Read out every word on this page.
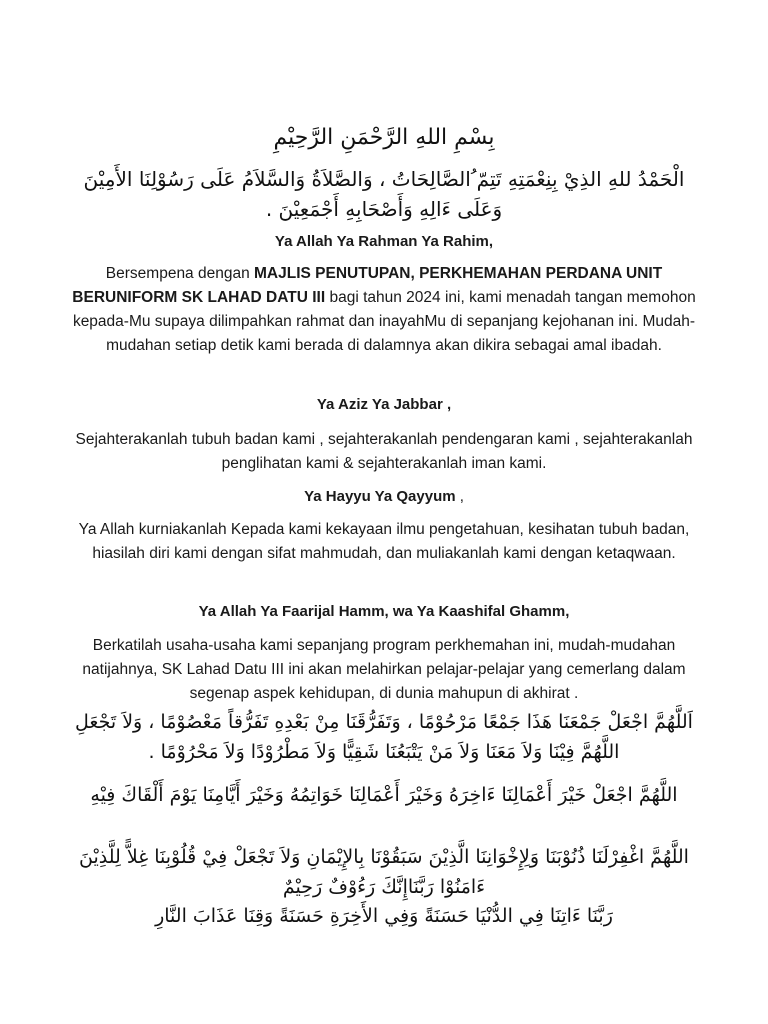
بِسْمِ اللهِ الرَّحْمَنِ الرَّحِيْمِ
الْحَمْدُ للهِ الذِيْ بِنِعْمَتِهِ تَتِمّ ُالصَّالِحَاتُ ، وَالصَّلاَةُ وَالسَّلاَمُ عَلَى رَسُوْلِنَا الأَمِيْنَ وَعَلَى ءَالِهِ وَأَصْحَابِهِ أَجْمَعِيْنَ .
Ya Allah Ya Rahman Ya Rahim,
Bersempena dengan MAJLIS PENUTUPAN, PERKHEMAHAN PERDANA UNIT BERUNIFORM SK LAHAD DATU III bagi tahun 2024 ini, kami menadah tangan memohon kepada-Mu supaya dilimpahkan rahmat dan inayahMu di sepanjang kejohanan ini. Mudah-mudahan setiap detik kami berada di dalamnya akan dikira sebagai amal ibadah.
Ya Aziz Ya Jabbar ,
Sejahterakanlah tubuh badan kami , sejahterakanlah pendengaran kami , sejahterakanlah penglihatan kami & sejahterakanlah iman kami.
Ya Hayyu Ya Qayyum ,
Ya Allah kurniakanlah Kepada kami kekayaan ilmu pengetahuan, kesihatan tubuh badan, hiasilah diri kami dengan sifat mahmudah, dan muliakanlah kami dengan ketaqwaan.
Ya Allah Ya Faarijal Hamm, wa Ya Kaashifal Ghamm,
Berkatilah usaha-usaha kami sepanjang program perkhemahan ini, mudah-mudahan natijahnya, SK Lahad Datu III ini akan melahirkan pelajar-pelajar yang cemerlang dalam segenap aspek kehidupan, di dunia mahupun di akhirat .
اَللَّهُمَّ اجْعَلْ جَمْعَنَا هَذَا جَمْعًا مَرْحُوْمًا ، وَتَفَرُّقَنَا مِنْ بَعْدِهِ تَفَرُّقاً مَعْصُوْمًا ، وَلاَ تَجْعَلِ اللَّهُمَّ فِيْنَا وَلاَ مَعَنَا وَلاَ مَنْ يَتْبَعُنَا شَقِيًّا وَلاَ مَطْرُوْدًا وَلاَ مَحْرُوْمًا .
اللَّهُمَّ اجْعَلْ خَيْرَ أَعْمَالِنَا ءَاخِرَهُ وَخَيْرَ أَعْمَالِنَا خَوَاتِمُهُ وَخَيْرَ أَيَّامِنَا يَوْمَ أَلْقَاكَ فِيْهِ
اللَّهُمَّ اغْفِرْلَنَا ذُنُوْبَنَا وَلِإِخْوَانِنَا الَّذِيْنَ سَبَقُوْنَا بِالإِيْمَانِ وَلاَ تَجْعَلْ فِيْ قُلُوْبِنَا غِلاًّ لِلَّذِيْنَ ءَامَنُوْا رَبَّنَاإِنَّكَ رَءُوْفٌ رَحِيْمٌ
رَبَّنَا ءَاتِنَا فِي الدُّنْيَا حَسَنَةً وَفِي الأَخِرَةِ حَسَنَةً وَقِنَا عَذَابَ النَّارِ
